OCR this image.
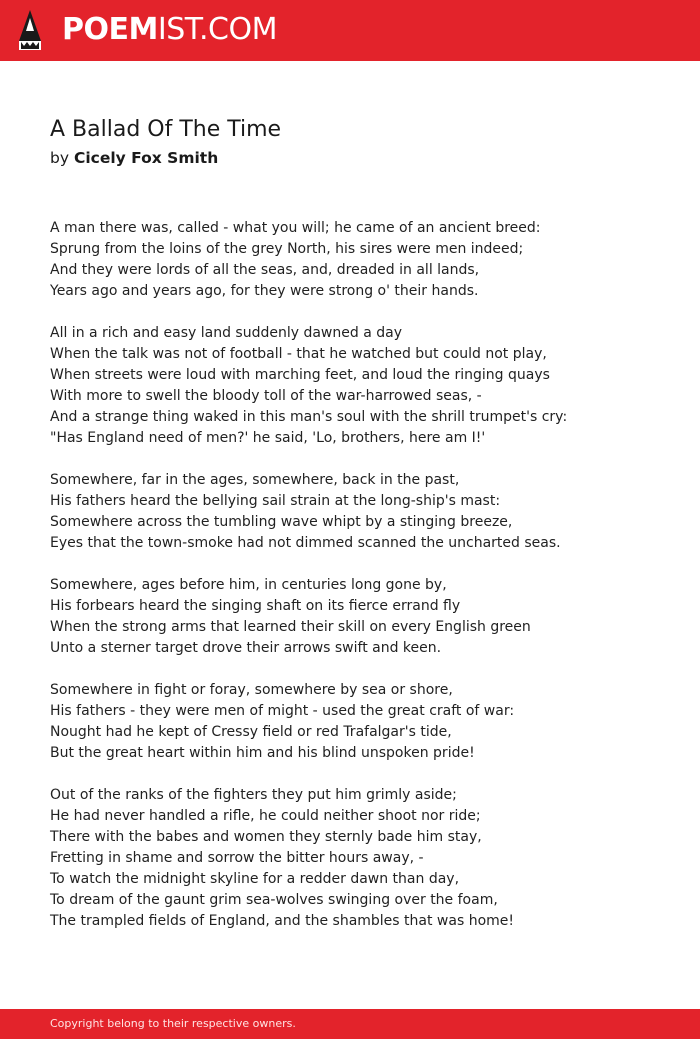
POEMIST.COM
A Ballad Of The Time
by Cicely Fox Smith
A man there was, called - what you will; he came of an ancient breed:
Sprung from the loins of the grey North, his sires were men indeed;
And they were lords of all the seas, and, dreaded in all lands,
Years ago and years ago, for they were strong o' their hands.
All in a rich and easy land suddenly dawned a day
When the talk was not of football - that he watched but could not play,
When streets were loud with marching feet, and loud the ringing quays
With more to swell the bloody toll of the war-harrowed seas, -
And a strange thing waked in this man's soul with the shrill trumpet's cry:
"Has England need of men?' he said, 'Lo, brothers, here am I!'
Somewhere, far in the ages, somewhere, back in the past,
His fathers heard the bellying sail strain at the long-ship's mast:
Somewhere across the tumbling wave whipt by a stinging breeze,
Eyes that the town-smoke had not dimmed scanned the uncharted seas.
Somewhere, ages before him, in centuries long gone by,
His forbears heard the singing shaft on its fierce errand fly
When the strong arms that learned their skill on every English green
Unto a sterner target drove their arrows swift and keen.
Somewhere in fight or foray, somewhere by sea or shore,
His fathers - they were men of might - used the great craft of war:
Nought had he kept of Cressy field or red Trafalgar's tide,
But the great heart within him and his blind unspoken pride!
Out of the ranks of the fighters they put him grimly aside;
He had never handled a rifle, he could neither shoot nor ride;
There with the babes and women they sternly bade him stay,
Fretting in shame and sorrow the bitter hours away, -
To watch the midnight skyline for a redder dawn than day,
To dream of the gaunt grim sea-wolves swinging over the foam,
The trampled fields of England, and the shambles that was home!
Copyright belong to their respective owners.
